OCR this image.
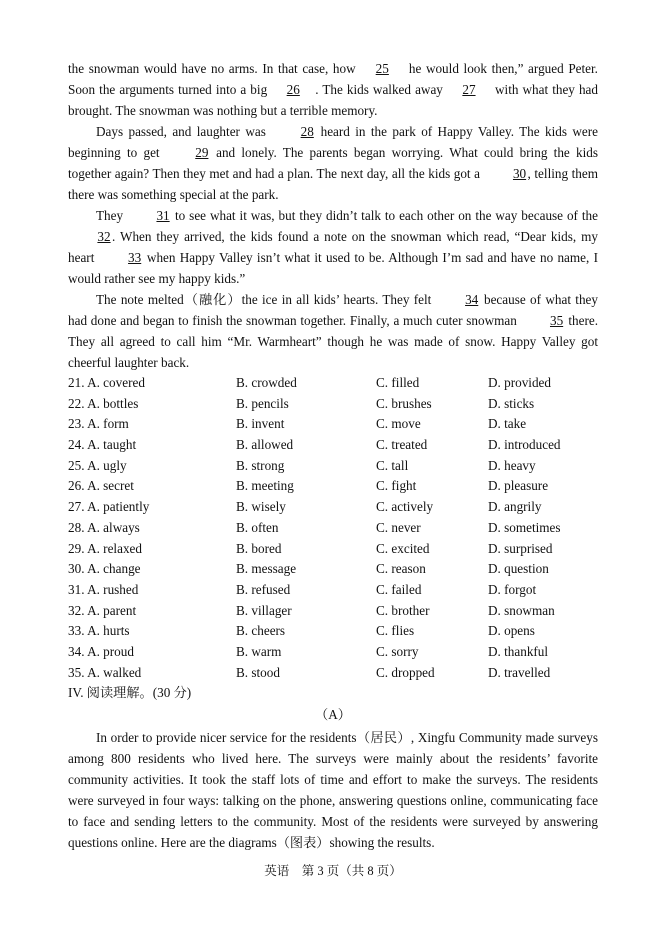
the snowman would have no arms. In that case, how 25 he would look then,” argued Peter. Soon the arguments turned into a big 26 . The kids walked away 27 with what they had brought. The snowman was nothing but a terrible memory.

Days passed, and laughter was 28 heard in the park of Happy Valley. The kids were beginning to get 29 and lonely. The parents began worrying. What could bring the kids together again? Then they met and had a plan. The next day, all the kids got a 30, telling them there was something special at the park.

They 31 to see what it was, but they didn’t talk to each other on the way because of the 32. When they arrived, the kids found a note on the snowman which read, “Dear kids, my heart 33 when Happy Valley isn’t what it used to be. Although I’m sad and have no name, I would rather see my happy kids.”

The note melted（融化）the ice in all kids’ hearts. They felt 34 because of what they had done and began to finish the snowman together. Finally, a much cuter snowman 35 there. They all agreed to call him “Mr. Warmheart” though he was made of snow. Happy Valley got cheerful laughter back.

21. A. covered	B. crowded	C. filled	D. provided
22. A. bottles	B. pencils	C. brushes	D. sticks
23. A. form	B. invent	C. move	D. take
24. A. taught	B. allowed	C. treated	D. introduced
25. A. ugly	B. strong	C. tall	D. heavy
26. A. secret	B. meeting	C. fight	D. pleasure
27. A. patiently	B. wisely	C. actively	D. angrily
28. A. always	B. often	C. never	D. sometimes
29. A. relaxed	B. bored	C. excited	D. surprised
30. A. change	B. message	C. reason	D. question
31. A. rushed	B. refused	C. failed	D. forgot
32. A. parent	B. villager	C. brother	D. snowman
33. A. hurts	B. cheers	C. flies	D. opens
34. A. proud	B. warm	C. sorry	D. thankful
35. A. walked	B. stood	C. dropped	D. travelled
IV. 阅读理解。(30 分)
（A）

In order to provide nicer service for the residents（居民）, Xingfu Community made surveys among 800 residents who lived here. The surveys were mainly about the residents’ favorite community activities. It took the staff lots of time and effort to make the surveys. The residents were surveyed in four ways: talking on the phone, answering questions online, communicating face to face and sending letters to the community. Most of the residents were surveyed by answering questions online. Here are the diagrams（图表）showing the results.

英语　第 3 页（共 8 页）
